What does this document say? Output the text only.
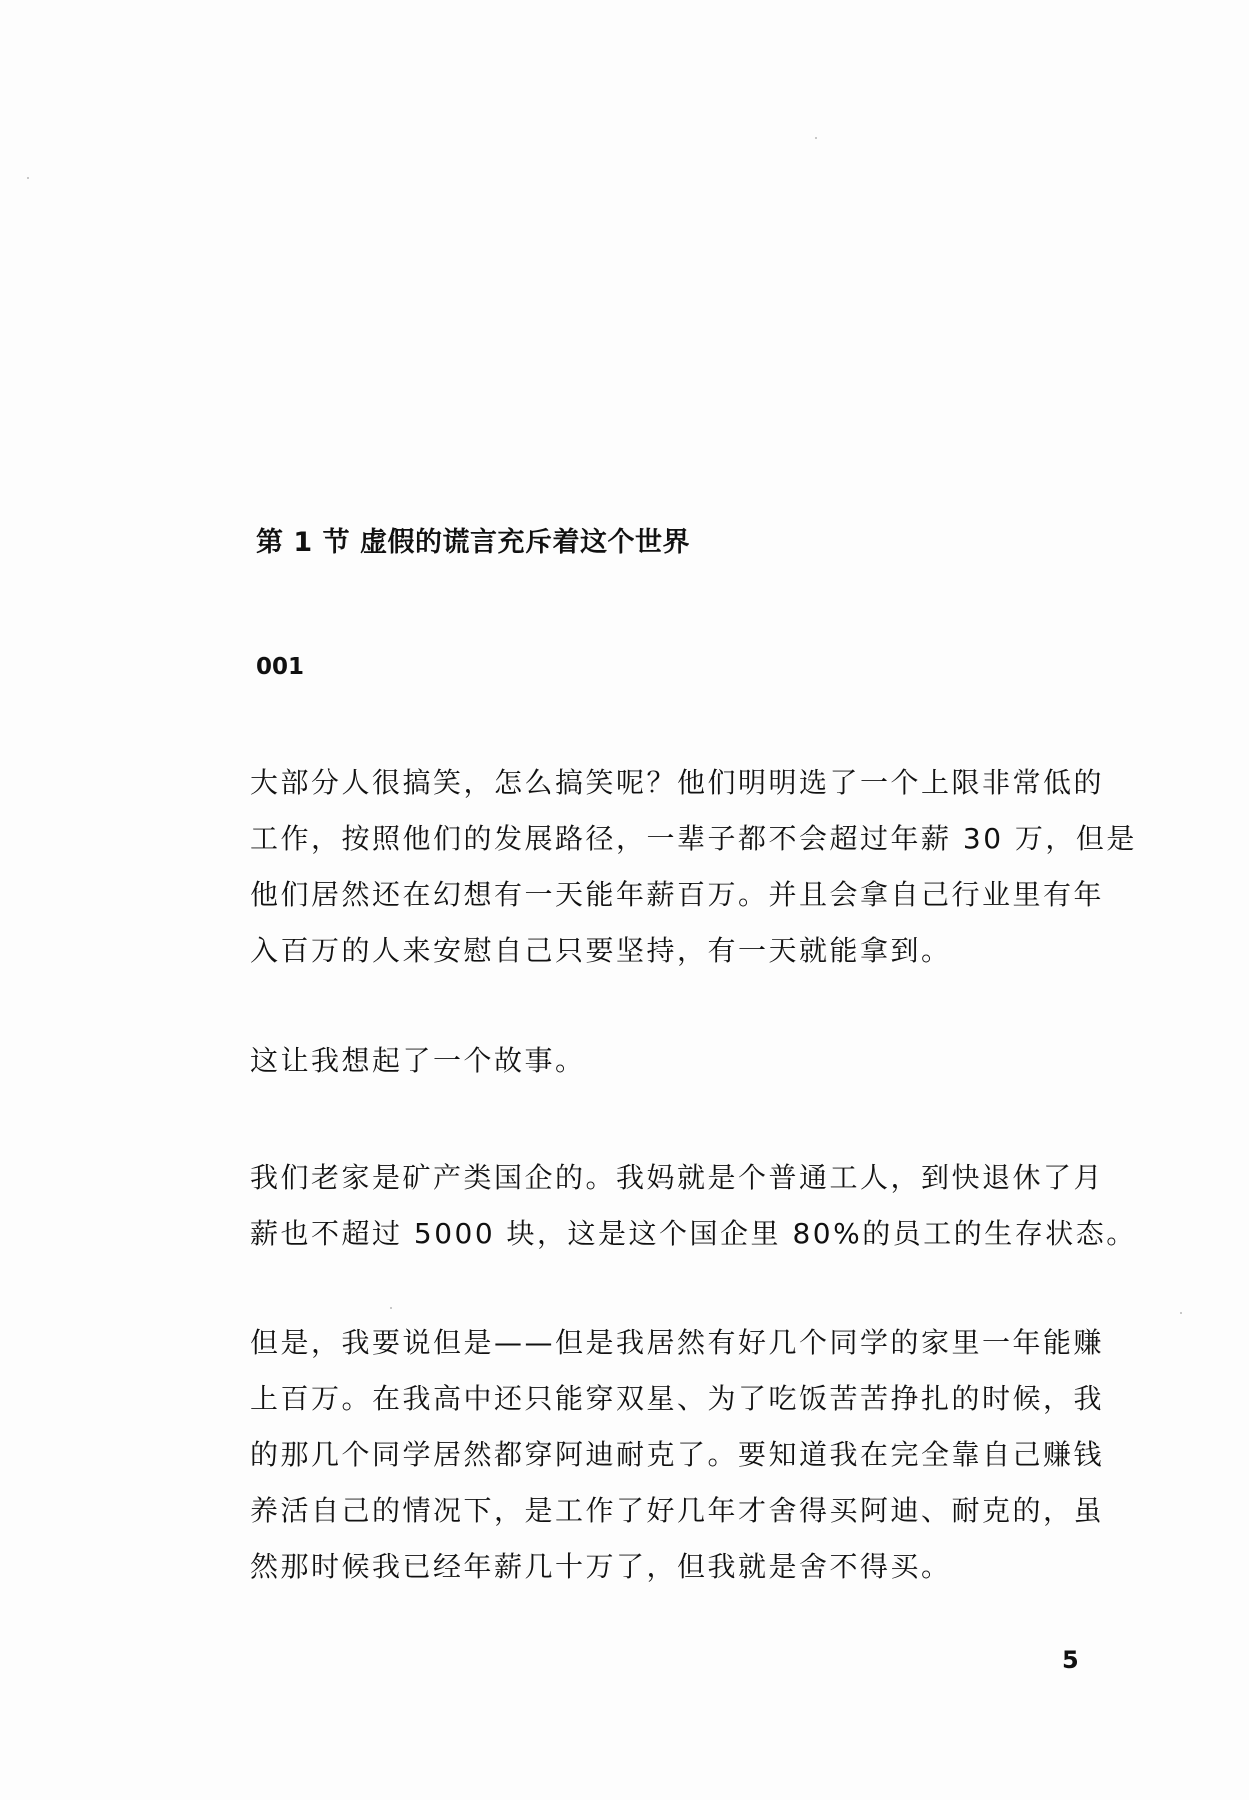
第 1 节 虚假的谎言充斥着这个世界

001

大部分人很搞笑，怎么搞笑呢？他们明明选了一个上限非常低的
工作，按照他们的发展路径，一辈子都不会超过年薪 30 万，但是
他们居然还在幻想有一天能年薪百万。并且会拿自己行业里有年
入百万的人来安慰自己只要坚持，有一天就能拿到。

这让我想起了一个故事。

我们老家是矿产类国企的。我妈就是个普通工人，到快退休了月
薪也不超过 5000 块，这是这个国企里 80%的员工的生存状态。

但是，我要说但是——但是我居然有好几个同学的家里一年能赚
上百万。在我高中还只能穿双星、为了吃饭苦苦挣扎的时候，我
的那几个同学居然都穿阿迪耐克了。要知道我在完全靠自己赚钱
养活自己的情况下，是工作了好几年才舍得买阿迪、耐克的，虽
然那时候我已经年薪几十万了，但我就是舍不得买。

5
